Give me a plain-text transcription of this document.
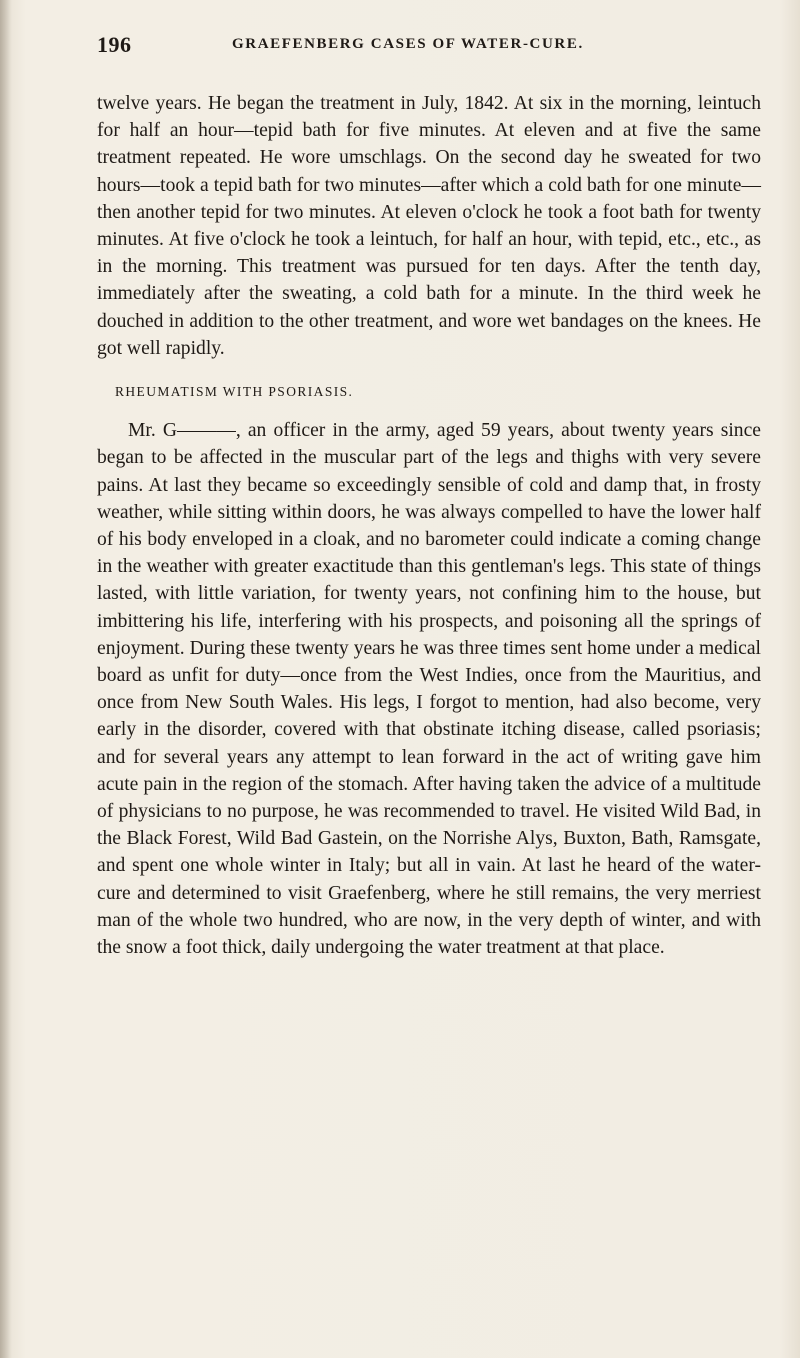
196	GRAEFENBERG CASES OF WATER-CURE.

twelve years. He began the treatment in July, 1842. At six in the morning, leintuch for half an hour—tepid bath for five minutes. At eleven and at five the same treatment repeated. He wore umschlags. On the second day he sweated for two hours—took a tepid bath for two minutes—after which a cold bath for one minute—then another tepid for two minutes. At eleven o'clock he took a foot bath for twenty minutes. At five o'clock he took a leintuch, for half an hour, with tepid, etc., etc., as in the morning. This treatment was pursued for ten days. After the tenth day, immediately after the sweating, a cold bath for a minute. In the third week he douched in addition to the other treatment, and wore wet bandages on the knees. He got well rapidly.

RHEUMATISM WITH PSORIASIS.

Mr. G———, an officer in the army, aged 59 years, about twenty years since began to be affected in the muscular part of the legs and thighs with very severe pains. At last they became so exceedingly sensible of cold and damp that, in frosty weather, while sitting within doors, he was always compelled to have the lower half of his body enveloped in a cloak, and no barometer could indicate a coming change in the weather with greater exactitude than this gentleman's legs. This state of things lasted, with little variation, for twenty years, not confining him to the house, but imbittering his life, interfering with his prospects, and poisoning all the springs of enjoyment. During these twenty years he was three times sent home under a medical board as unfit for duty—once from the West Indies, once from the Mauritius, and once from New South Wales. His legs, I forgot to mention, had also become, very early in the disorder, covered with that obstinate itching disease, called psoriasis; and for several years any attempt to lean forward in the act of writing gave him acute pain in the region of the stomach. After having taken the advice of a multitude of physicians to no purpose, he was recommended to travel. He visited Wild Bad, in the Black Forest, Wild Bad Gastein, on the Norrishe Alys, Buxton, Bath, Ramsgate, and spent one whole winter in Italy; but all in vain. At last he heard of the water-cure and determined to visit Graefenberg, where he still remains, the very merriest man of the whole two hundred, who are now, in the very depth of winter, and with the snow a foot thick, daily undergoing the water treatment at that place.
